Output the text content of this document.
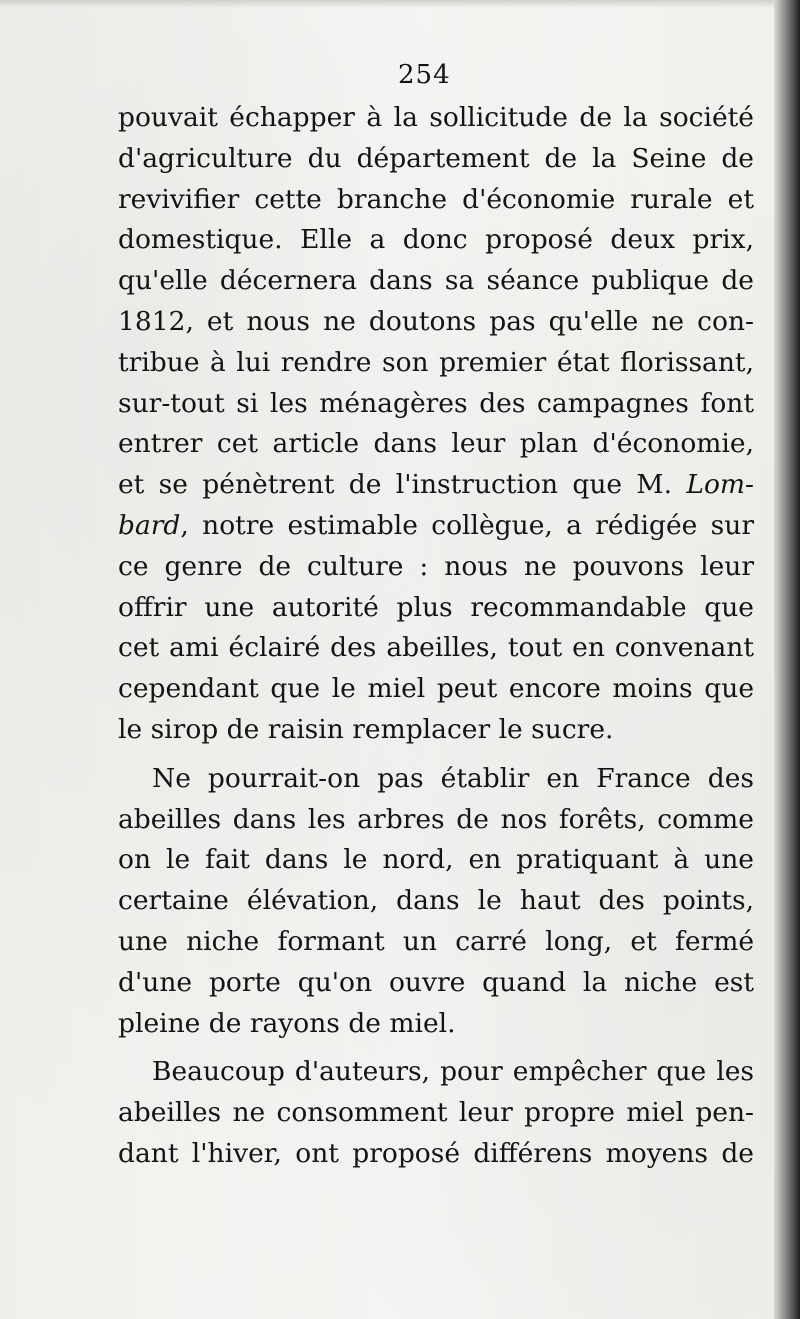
254
pouvait échapper à la sollicitude de la société
d'agriculture du département de la Seine de
revivifier cette branche d'économie rurale et
domestique. Elle a donc proposé deux prix,
qu'elle décernera dans sa séance publique de
1812, et nous ne doutons pas qu'elle ne con-
tribue à lui rendre son premier état florissant,
sur-tout si les ménagères des campagnes font
entrer cet article dans leur plan d'économie,
et se pénètrent de l'instruction que M. Lom-
bard, notre estimable collègue, a rédigée sur
ce genre de culture : nous ne pouvons leur
offrir une autorité plus recommandable que
cet ami éclairé des abeilles, tout en convenant
cependant que le miel peut encore moins que
le sirop de raisin remplacer le sucre.
Ne pourrait-on pas établir en France des
abeilles dans les arbres de nos forêts, comme
on le fait dans le nord, en pratiquant à une
certaine élévation, dans le haut des points,
une niche formant un carré long, et fermé
d'une porte qu'on ouvre quand la niche est
pleine de rayons de miel.
Beaucoup d'auteurs, pour empêcher que les
abeilles ne consomment leur propre miel pen-
dant l'hiver, ont proposé différens moyens de
